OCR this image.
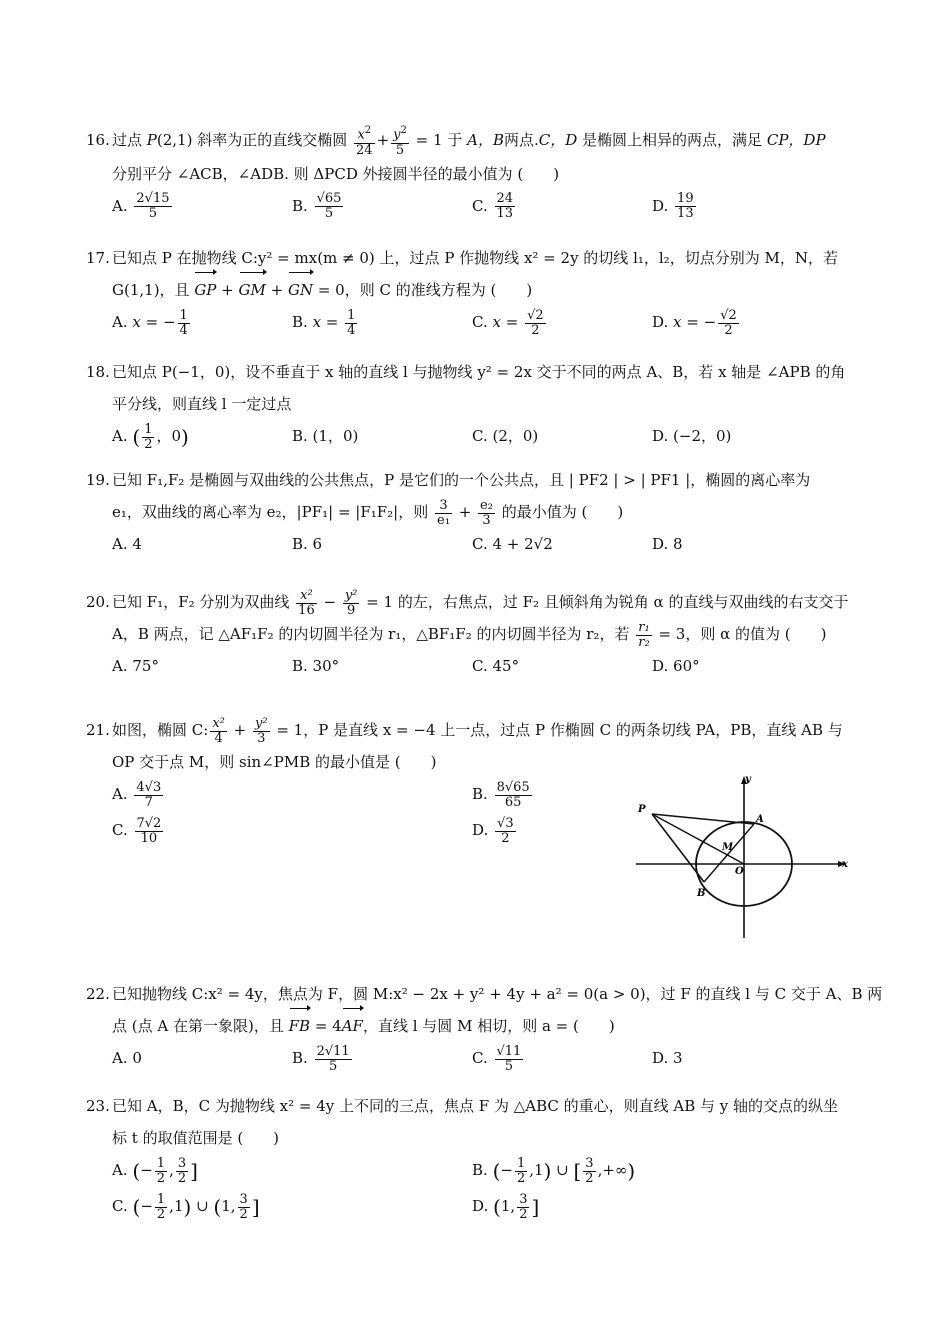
16. 过点 P(2,1) 斜率为正的直线交椭圆 $\frac{x^2}{24} + \frac{y^2}{5} = 1$ 于 A，B两点.C，D 是椭圆上相异的两点，满足 CP，DP
分别平分 ∠ACB，∠ADB. 则 ΔPCD 外接圆半径的最小值为 (　　)
A. $\frac{2√15}{5}$	B. $\frac{√65}{5}$	C. $\frac{24}{13}$	D. $\frac{19}{13}$
17. 已知点 P 在抛物线 C:y² = mx(m ≠ 0) 上，过点 P 作抛物线 x² = 2y 的切线 l₁，l₂，切点分别为 M，N，若
G(1,1)，且 GP + GM + GN = 0，则 C 的准线方程为 (　　)
A. x = − $\frac{1}{4}$	B. $x = \frac{1}{4}$	C. $x = \frac{√2}{2}$	D. x = − $\frac{√2}{2}$
18. 已知点 P(−1，0)，设不垂直于 x 轴的直线 l 与抛物线 y² = 2x 交于不同的两点 A、B，若 x 轴是 ∠APB 的角
平分线，则直线 l 一定过点
A. ( $\frac{1}{2}$ ，0)	B. (1，0)	C. (2，0)	D. (−2，0)
19. 已知 F₁,F₂ 是椭圆与双曲线的公共焦点，P 是它们的一个公共点，且 | PF2 | > | PF1 |，椭圆的离心率为
e₁，双曲线的离心率为 e₂，|PF₁| = |F₁F₂|，则 $\frac{3}{\text{e₁}} + \frac{\text{e₂}}{3}$ 的最小值为 (　　)
A. 4	B. 6	C. 4 + 2√2	D. 8
20. 已知 F₁，F₂ 分别为双曲线 $\frac{\text{x²}}{16} - \frac{\text{y²}}{9} = 1$ 的左，右焦点，过 F₂ 且倾斜角为锐角 α 的直线与双曲线的右支交于
A，B 两点，记 △AF₁F₂ 的内切圆半径为 r₁，△BF₁F₂ 的内切圆半径为 r₂，若 $\frac{\text{r₁}}{\text{r₂}} = 3$，则 α 的值为 (　　)
A. 75°	B. 30°	C. 45°	D. 60°
21. 如图，椭圆 C: $\frac{\text{x²}}{4} + \frac{\text{y²}}{3} = 1$，P 是直线 x = −4 上一点，过点 P 作椭圆 C 的两条切线 PA，PB，直线 AB 与
OP 交于点 M，则 sin∠PMB 的最小值是 (　　)
A. $\frac{4√3}{7}$	B. $\frac{8√65}{65}$
C. $\frac{7√2}{10}$	D. $\frac{√3}{2}$
y
x
P
A
M
O
B
22. 已知抛物线 C:x² = 4y，焦点为 F，圆 M:x² − 2x + y² + 4y + a² = 0(a > 0)，过 F 的直线 l 与 C 交于 A、B 两
点 (点 A 在第一象限)，且 FB = 4AF，直线 l 与圆 M 相切，则 a = (　　)
A. 0	B. $\frac{2√11}{5}$	C. $\frac{√11}{5}$	D. 3
23. 已知 A，B，C 为抛物线 x² = 4y 上不同的三点，焦点 F 为 △ABC 的重心，则直线 AB 与 y 轴的交点的纵坐
标 t 的取值范围是 (　　)
A. (− $\frac{1}{2}$ , $\frac{3}{2}$ ]	B. (− $\frac{1}{2} ,1$) ∪ [ $\frac{3}{2}$ ,+∞)
C. (− $\frac{1}{2} ,1$) ∪ (1, $\frac{3}{2}$ ]	D. (1, $\frac{3}{2}$ ]
